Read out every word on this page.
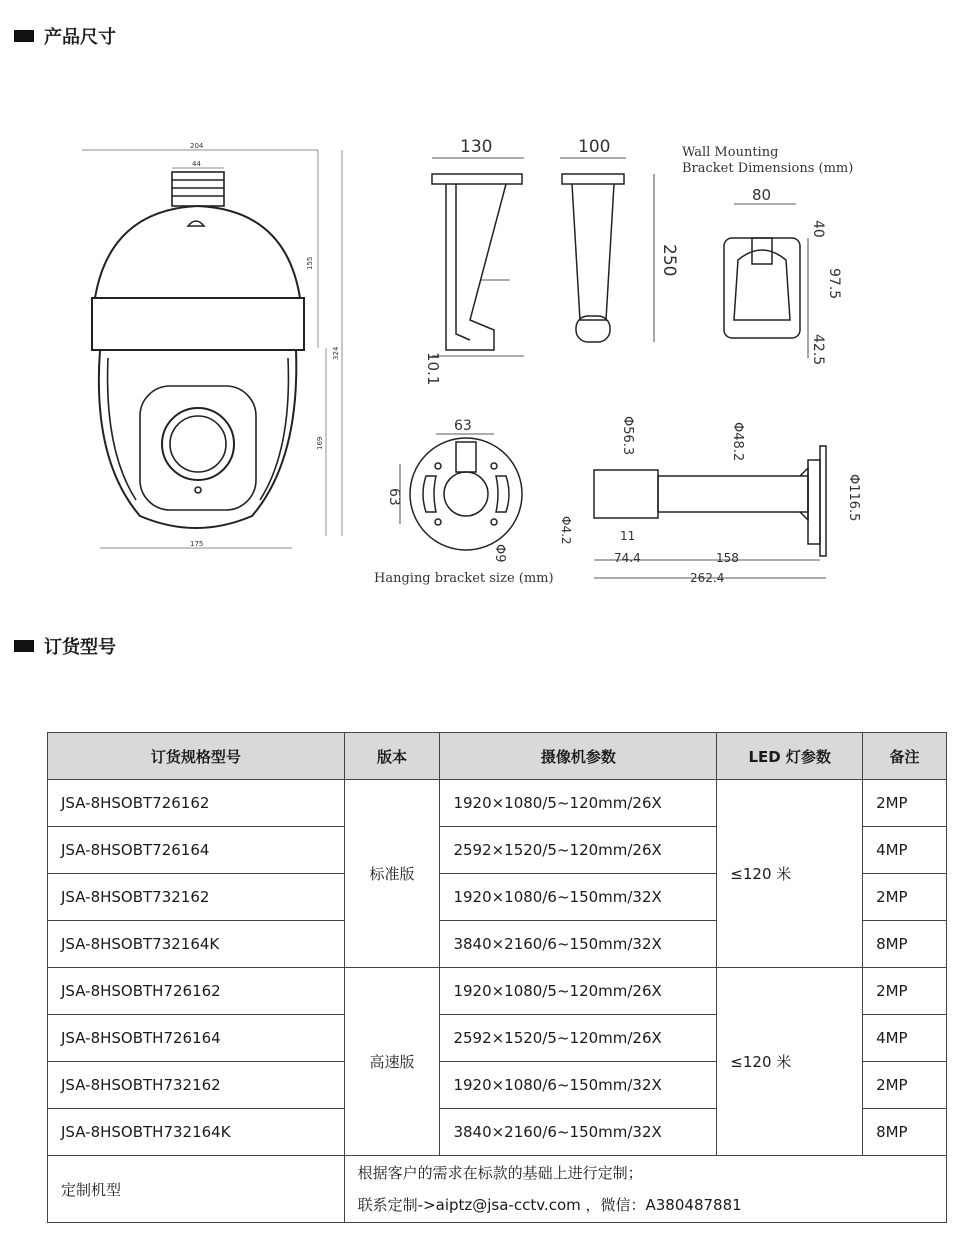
产品尺寸
204
44
155
324
169
175
130
10.1
100
250
Wall Mounting
Bracket Dimensions (mm)
80
40
97.5
42.5
63
63
Φ9
Hanging bracket size (mm)
Φ56.3	Φ48.2
Φ116.5
Φ4.2	11
74.4	158
262.4
订货型号
订货规格型号	版本	摄像机参数	LED 灯参数	备注
JSA-8HSOBT726162	标准版	1920×1080/5~120mm/26X	≤120 米	2MP
JSA-8HSOBT726164		2592×1520/5~120mm/26X		4MP
JSA-8HSOBT732162		1920×1080/6~150mm/32X		2MP
JSA-8HSOBT732164K		3840×2160/6~150mm/32X		8MP
JSA-8HSOBTH726162	高速版	1920×1080/5~120mm/26X	≤120 米	2MP
JSA-8HSOBTH726164		2592×1520/5~120mm/26X		4MP
JSA-8HSOBTH732162		1920×1080/6~150mm/32X		2MP
JSA-8HSOBTH732164K		3840×2160/6~150mm/32X		8MP
定制机型	根据客户的需求在标款的基础上进行定制；
联系定制->aiptz@jsa-cctv.com ，微信：A380487881			
